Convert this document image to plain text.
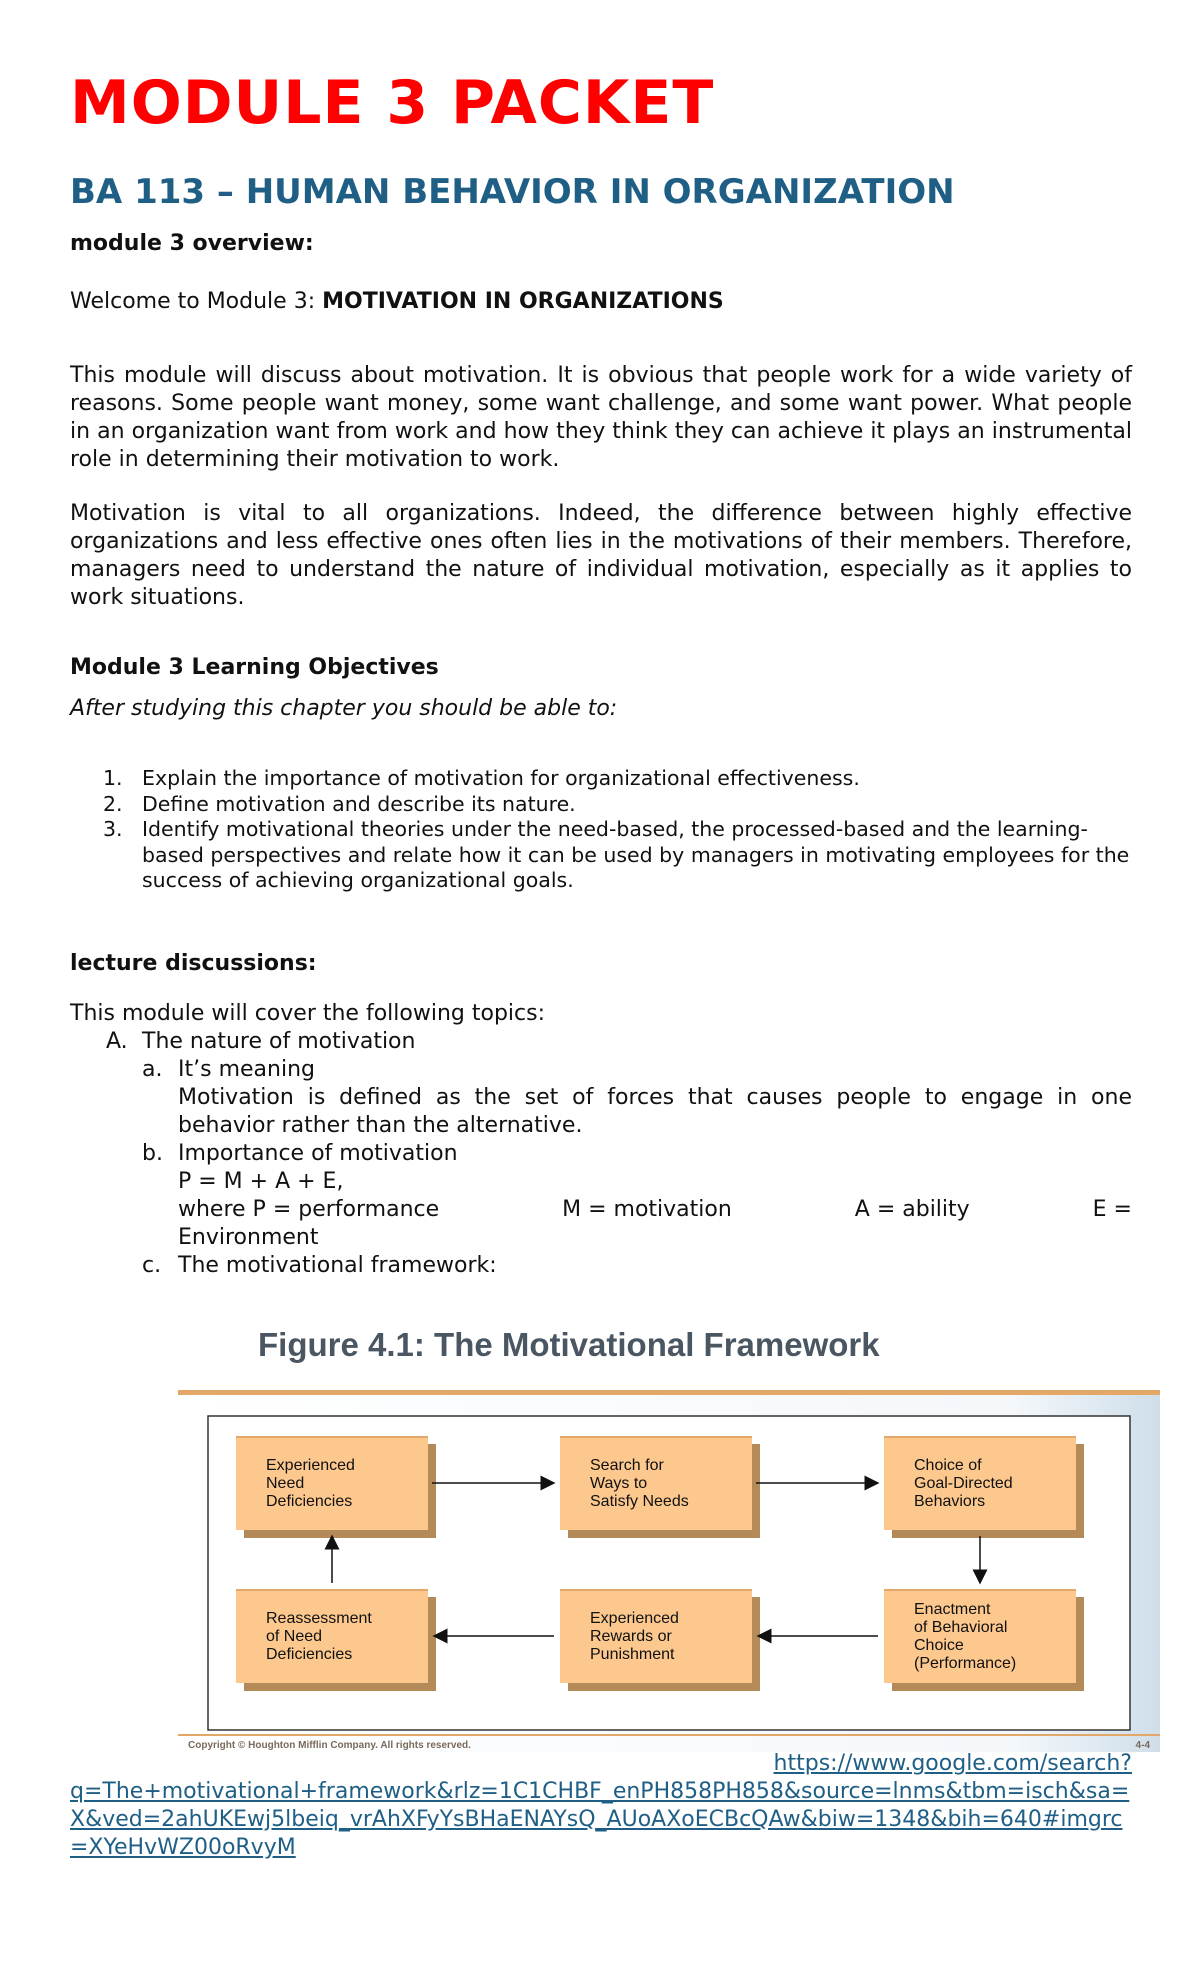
MODULE 3 PACKET
BA 113 – HUMAN BEHAVIOR IN ORGANIZATION
module 3 overview:
Welcome to Module 3: MOTIVATION IN ORGANIZATIONS
This module will discuss about motivation. It is obvious that people work for a wide variety of reasons. Some people want money, some want challenge, and some want power. What people in an organization want from work and how they think they can achieve it plays an instrumental role in determining their motivation to work.
Motivation is vital to all organizations. Indeed, the difference between highly effective organizations and less effective ones often lies in the motivations of their members. Therefore, managers need to understand the nature of individual motivation, especially as it applies to work situations.
Module 3 Learning Objectives
After studying this chapter you should be able to:
1. Explain the importance of motivation for organizational effectiveness.
2. Define motivation and describe its nature.
3. Identify motivational theories under the need-based, the processed-based and the learning-based perspectives and relate how it can be used by managers in motivating employees for the success of achieving organizational goals.
lecture discussions:
This module will cover the following topics:
A. The nature of motivation
a. It’s meaning
Motivation is defined as the set of forces that causes people to engage in one behavior rather than the alternative.
b. Importance of motivation
P = M + A + E,
where P = performance	M = motivation	A = ability	E =
Environment
c. The motivational framework:
Figure 4.1: The Motivational Framework
Experienced
Need
Deficiencies
Search for
Ways to
Satisfy Needs
Choice of
Goal-Directed
Behaviors
Enactment
of Behavioral
Choice
(Performance)
Experienced
Rewards or
Punishment
Reassessment
of Need
Deficiencies
Copyright © Houghton Mifflin Company. All rights reserved.	4-4
https://www.google.com/search?
q=The+motivational+framework&rlz=1C1CHBF_enPH858PH858&source=lnms&tbm=isch&sa=X&ved=2ahUKEwj5lbeiq_vrAhXFyYsBHaENAYsQ_AUoAXoECBcQAw&biw=1348&bih=640#imgrc=XYeHvWZ00oRvyM
